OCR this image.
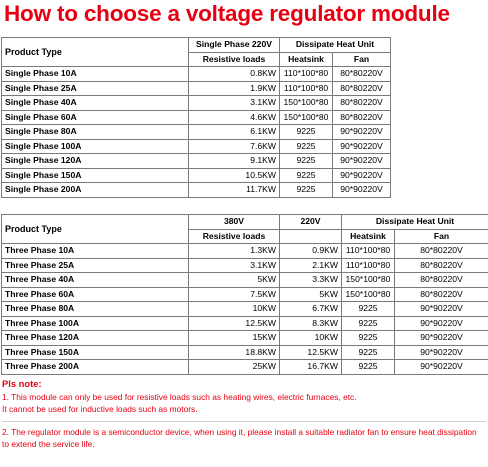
How to choose a voltage regulator module
Product Type	Single Phase 220V	Dissipate Heat Unit	
	Resistive loads	Heatsink	Fan
Single Phase 10A	0.8KW	110*100*80	80*80220V
Single Phase 25A	1.9KW	110*100*80	80*80220V
Single Phase 40A	3.1KW	150*100*80	80*80220V
Single Phase 60A	4.6KW	150*100*80	80*80220V
Single Phase 80A	6.1KW	9225	90*90220V
Single Phase 100A	7.6KW	9225	90*90220V
Single Phase 120A	9.1KW	9225	90*90220V
Single Phase 150A	10.5KW	9225	90*90220V
Single Phase 200A	11.7KW	9225	90*90220V
Product Type	380V	220V	Dissipate Heat Unit	
	Resistive loads		Heatsink	Fan
Three Phase 10A	1.3KW	0.9KW	110*100*80	80*80220V
Three Phase 25A	3.1KW	2.1KW	110*100*80	80*80220V
Three Phase 40A	5KW	3.3KW	150*100*80	80*80220V
Three Phase 60A	7.5KW	5KW	150*100*80	80*80220V
Three Phase 80A	10KW	6.7KW	9225	90*90220V
Three Phase 100A	12.5KW	8.3KW	9225	90*90220V
Three Phase 120A	15KW	10KW	9225	90*90220V
Three Phase 150A	18.8KW	12.5KW	9225	90*90220V
Three Phase 200A	25KW	16.7KW	9225	90*90220V
Pls note:

1. This module can only be used for resistive loads such as heating wires, electric furnaces, etc.

It cannot be used for inductive loads such as motors.

2. The regulator module is a semiconductor device, when using it, please install a suitable radiator fan to ensure heat dissipation to extend the service life.
